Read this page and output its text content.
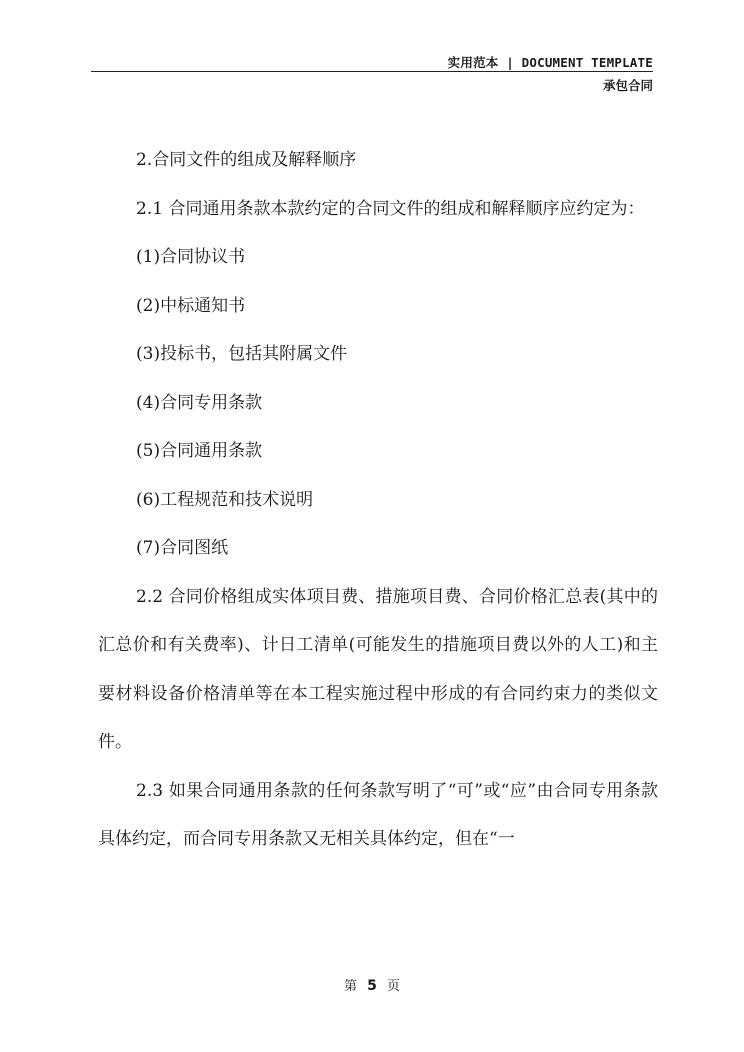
实用范本 | DOCUMENT TEMPLATE
承包合同

2.合同文件的组成及解释顺序

2.1 合同通用条款本款约定的合同文件的组成和解释顺序应约定为：

(1)合同协议书

(2)中标通知书

(3)投标书，包括其附属文件

(4)合同专用条款

(5)合同通用条款

(6)工程规范和技术说明

(7)合同图纸

2.2 合同价格组成实体项目费、措施项目费、合同价格汇总表(其中的汇总价和有关费率)、计日工清单(可能发生的措施项目费以外的人工)和主要材料设备价格清单等在本工程实施过程中形成的有合同约束力的类似文件。

2.3 如果合同通用条款的任何条款写明了“可”或“应”由合同专用条款具体约定，而合同专用条款又无相关具体约定，但在“一

第 5 页
